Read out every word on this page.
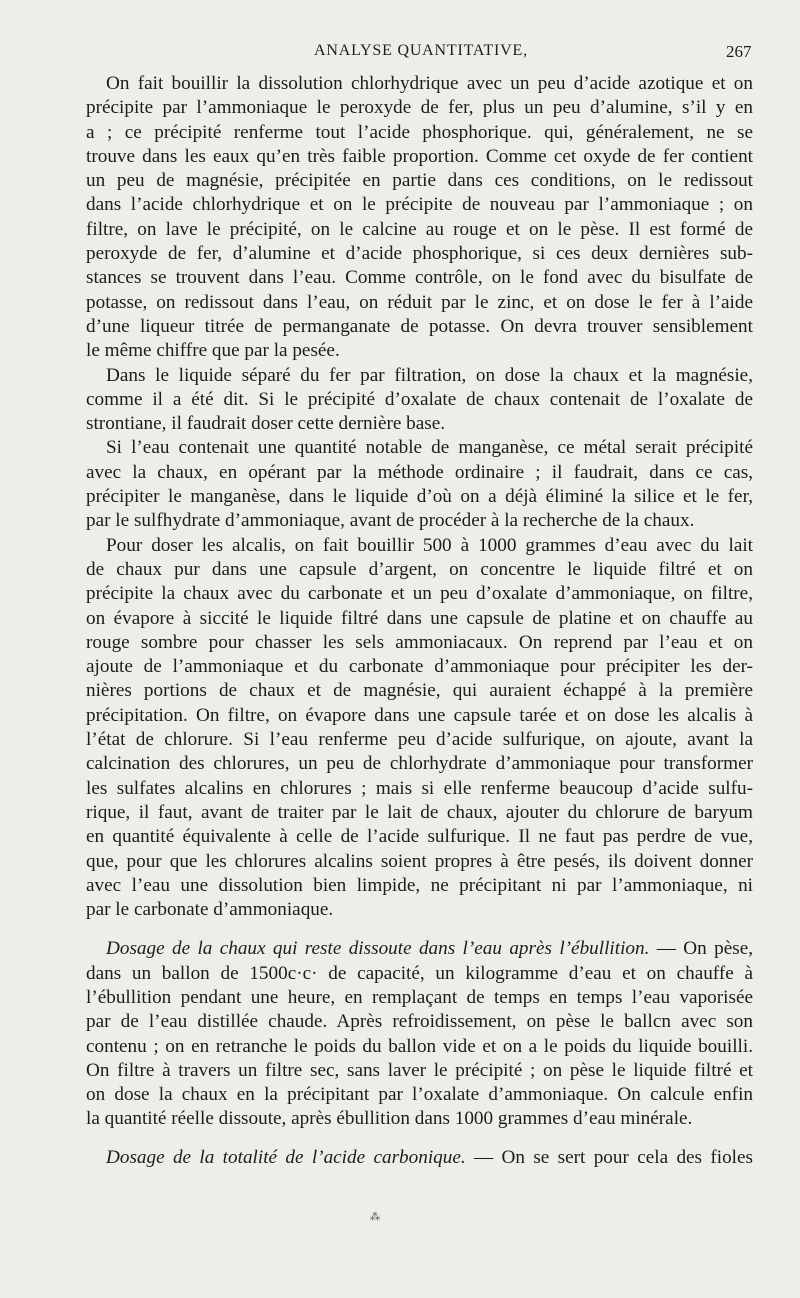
ANALYSE QUANTITATIVE,	267
On fait bouillir la dissolution chlorhydrique avec un peu d’acide azotique et on
précipite par l’ammoniaque le peroxyde de fer, plus un peu d’alumine, s’il y en
a ; ce précipité renferme tout l’acide phosphorique. qui, généralement, ne se
trouve dans les eaux qu’en très faible proportion. Comme cet oxyde de fer contient
un peu de magnésie, précipitée en partie dans ces conditions, on le redissout
dans l’acide chlorhydrique et on le précipite de nouveau par l’ammoniaque ; on
filtre, on lave le précipité, on le calcine au rouge et on le pèse. Il est formé de
peroxyde de fer, d’alumine et d’acide phosphorique, si ces deux dernières sub-
stances se trouvent dans l’eau. Comme contrôle, on le fond avec du bisulfate de
potasse, on redissout dans l’eau, on réduit par le zinc, et on dose le fer à l’aide
d’une liqueur titrée de permanganate de potasse. On devra trouver sensiblement
le même chiffre que par la pesée.
Dans le liquide séparé du fer par filtration, on dose la chaux et la magnésie,
comme il a été dit. Si le précipité d’oxalate de chaux contenait de l’oxalate de
strontiane, il faudrait doser cette dernière base.
Si l’eau contenait une quantité notable de manganèse, ce métal serait précipité
avec la chaux, en opérant par la méthode ordinaire ; il faudrait, dans ce cas,
précipiter le manganèse, dans le liquide d’où on a déjà éliminé la silice et le fer,
par le sulfhydrate d’ammoniaque, avant de procéder à la recherche de la chaux.
Pour doser les alcalis, on fait bouillir 500 à 1000 grammes d’eau avec du lait
de chaux pur dans une capsule d’argent, on concentre le liquide filtré et on
précipite la chaux avec du carbonate et un peu d’oxalate d’ammoniaque, on filtre,
on évapore à siccité le liquide filtré dans une capsule de platine et on chauffe au
rouge sombre pour chasser les sels ammoniacaux. On reprend par l’eau et on
ajoute de l’ammoniaque et du carbonate d’ammoniaque pour précipiter les der-
nières portions de chaux et de magnésie, qui auraient échappé à la première
précipitation. On filtre, on évapore dans une capsule tarée et on dose les alcalis à
l’état de chlorure. Si l’eau renferme peu d’acide sulfurique, on ajoute, avant la
calcination des chlorures, un peu de chlorhydrate d’ammoniaque pour transformer
les sulfates alcalins en chlorures ; mais si elle renferme beaucoup d’acide sulfu-
rique, il faut, avant de traiter par le lait de chaux, ajouter du chlorure de baryum
en quantité équivalente à celle de l’acide sulfurique. Il ne faut pas perdre de vue,
que, pour que les chlorures alcalins soient propres à être pesés, ils doivent donner
avec l’eau une dissolution bien limpide, ne précipitant ni par l’ammoniaque, ni
par le carbonate d’ammoniaque.
Dosage de la chaux qui reste dissoute dans l’eau après l’ébullition. — On pèse,
dans un ballon de 1500c·c· de capacité, un kilogramme d’eau et on chauffe à
l’ébullition pendant une heure, en remplaçant de temps en temps l’eau vaporisée
par de l’eau distillée chaude. Après refroidissement, on pèse le ballcn avec son
contenu ; on en retranche le poids du ballon vide et on a le poids du liquide bouilli.
On filtre à travers un filtre sec, sans laver le précipité ; on pèse le liquide filtré et
on dose la chaux en la précipitant par l’oxalate d’ammoniaque. On calcule enfin
la quantité réelle dissoute, après ébullition dans 1000 grammes d’eau minérale.
Dosage de la totalité de l’acide carbonique. — On se sert pour cela des fioles
⁂
